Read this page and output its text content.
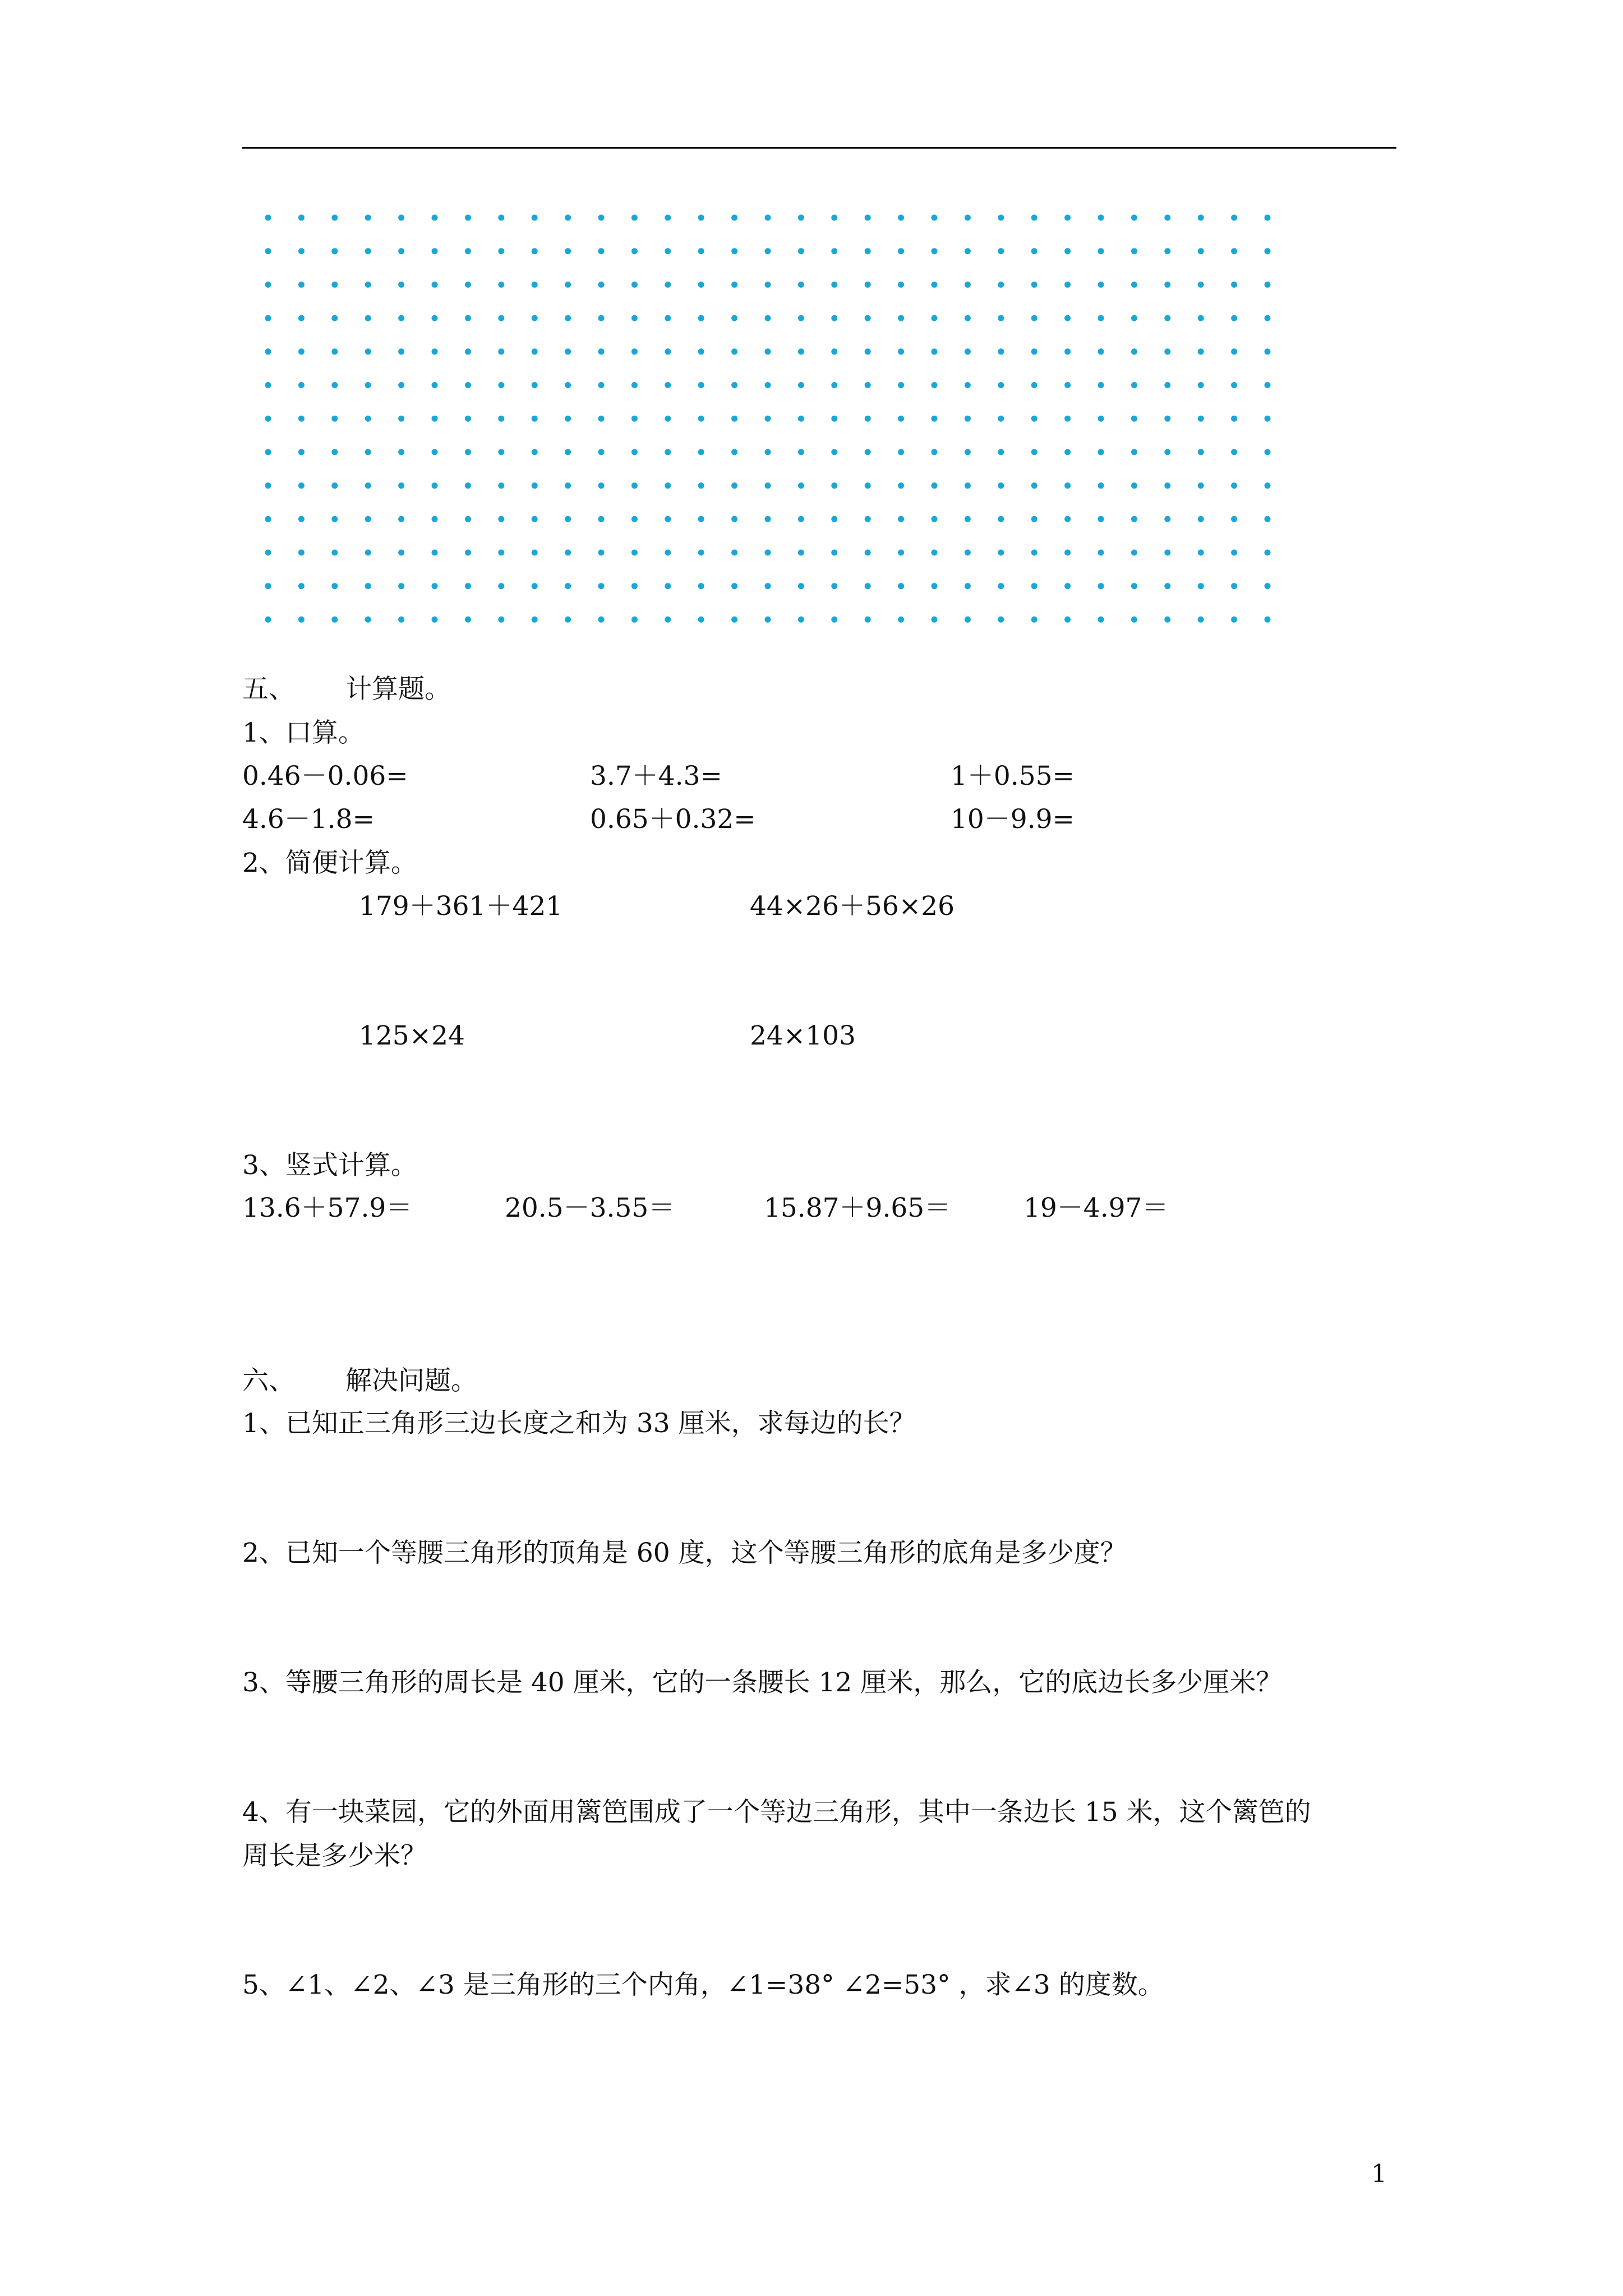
五、 计算题。
1、口算。
0.46－0.06=	3.7＋4.3=	1＋0.55=
4.6－1.8=	0.65＋0.32=	10－9.9=
2、简便计算。
179＋361＋421	44×26＋56×26
125×24	24×103
3、竖式计算。
13.6＋57.9＝	20.5－3.55＝	15.87＋9.65＝	19－4.97＝
六、 解决问题。
1、已知正三角形三边长度之和为 33 厘米，求每边的长？
2、已知一个等腰三角形的顶角是 60 度，这个等腰三角形的底角是多少度？
3、等腰三角形的周长是 40 厘米，它的一条腰长 12 厘米，那么，它的底边长多少厘米？
4、有一块菜园，它的外面用篱笆围成了一个等边三角形，其中一条边长 15 米，这个篱笆的
周长是多少米？
5、∠1、∠2、∠3 是三角形的三个内角，∠1=38° ∠2=53° ，求∠3 的度数。
1
